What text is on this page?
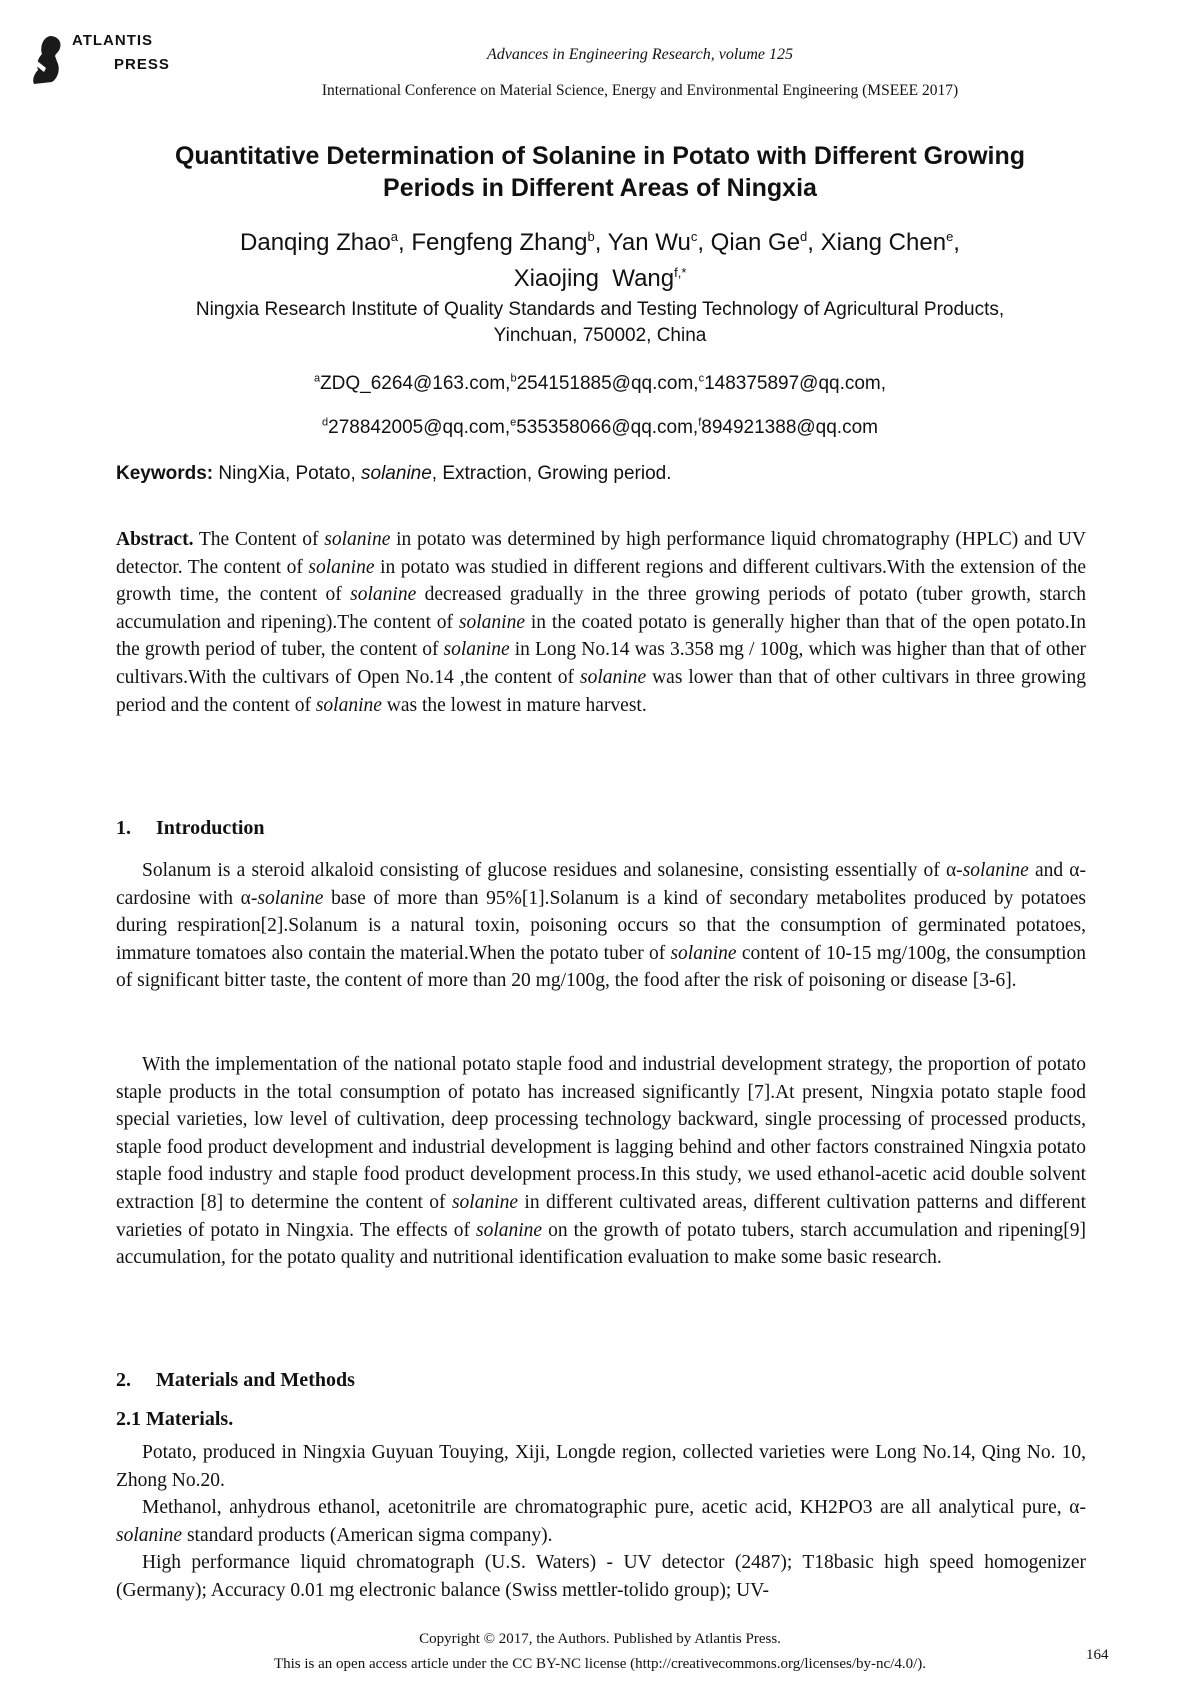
ATLANTIS
PRESS
Advances in Engineering Research, volume 125
International Conference on Material Science, Energy and Environmental Engineering (MSEEE 2017)
Quantitative Determination of Solanine in Potato with Different Growing
Periods in Different Areas of Ningxia
Danqing Zhao$^a$, Fengfeng Zhang$^b$, Yan Wu$^c$, Qian Ge$^d$, Xiang Chen$^e$,
Xiaojing  Wang$^{f,*}$
Ningxia Research Institute of Quality Standards and Testing Technology of Agricultural Products,
Yinchuan, 750002, China
$^a$ZDQ_6264@163.com,$^b$254151885@qq.com,$^c$148375897@qq.com,
$^d$278842005@qq.com,$^e$535358066@qq.com,$^f$894921388@qq.com
Keywords: NingXia, Potato, solanine, Extraction, Growing period.
Abstract. The Content of solanine in potato was determined by high performance liquid chromatography (HPLC) and UV detector. The content of solanine in potato was studied in different regions and different cultivars.With the extension of the growth time, the content of solanine decreased gradually in the three growing periods of potato (tuber growth, starch accumulation and ripening).The content of solanine in the coated potato is generally higher than that of the open potato.In the growth period of tuber, the content of solanine in Long No.14 was 3.358 mg / 100g, which was higher than that of other cultivars.With the cultivars of Open No.14 ,the content of solanine was lower than that of other cultivars in three growing period and the content of solanine was the lowest in mature harvest.
1. Introduction
Solanum is a steroid alkaloid consisting of glucose residues and solanesine, consisting essentially of α-solanine and α-cardosine with α-solanine base of more than 95%[1].Solanum is a kind of secondary metabolites produced by potatoes during respiration[2].Solanum is a natural toxin, poisoning occurs so that the consumption of germinated potatoes, immature tomatoes also contain the material.When the potato tuber of solanine content of 10-15 mg/100g, the consumption of significant bitter taste, the content of more than 20 mg/100g, the food after the risk of poisoning or disease [3-6].
With the implementation of the national potato staple food and industrial development strategy, the proportion of potato staple products in the total consumption of potato has increased significantly [7].At present, Ningxia potato staple food special varieties, low level of cultivation, deep processing technology backward, single processing of processed products, staple food product development and industrial development is lagging behind and other factors constrained Ningxia potato staple food industry and staple food product development process.In this study, we used ethanol-acetic acid double solvent extraction [8] to determine the content of solanine in different cultivated areas, different cultivation patterns and different varieties of potato in Ningxia. The effects of solanine on the growth of potato tubers, starch accumulation and ripening[9] accumulation, for the potato quality and nutritional identification evaluation to make some basic research.
2. Materials and Methods
2.1 Materials.
Potato, produced in Ningxia Guyuan Touying, Xiji, Longde region, collected varieties were Long No.14, Qing No. 10, Zhong No.20.
Methanol, anhydrous ethanol, acetonitrile are chromatographic pure, acetic acid, KH2PO3 are all analytical pure, α-solanine standard products (American sigma company).
High performance liquid chromatograph (U.S. Waters) - UV detector (2487); T18basic high speed homogenizer (Germany); Accuracy 0.01 mg electronic balance (Swiss mettler-tolido group); UV-
Copyright © 2017, the Authors. Published by Atlantis Press.
This is an open access article under the CC BY-NC license (http://creativecommons.org/licenses/by-nc/4.0/).
164
